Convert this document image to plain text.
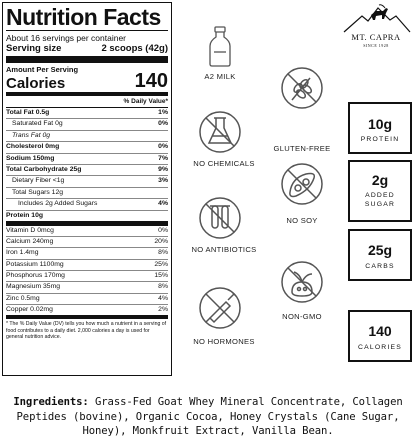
Nutrition Facts
About 16 servings per container
Serving size	2 scoops (42g)
Amount Per Serving
Calories	140
% Daily Value*
Total Fat 0.5g	1%
Saturated Fat 0g	0%
Trans Fat 0g
Cholesterol 0mg	0%
Sodium 150mg	7%
Total Carbohydrate 25g	9%
Dietary Fiber <1g	3%
Total Sugars 12g
Includes 2g Added Sugars	4%
Protein 10g
Vitamin D 0mcg	0%
Calcium 240mg	20%
Iron 1.4mg	8%
Potassium 1100mg	25%
Phosphorus 170mg	15%
Magnesium 35mg	8%
Zinc 0.5mg	4%
Copper 0.02mg	2%
* The % Daily Value (DV) tells you how much a nutrient in a serving of food contributes to a daily diet. 2,000 calories a day is used for general nutrition advice.
MT. CAPRA
SINCE 1928
A2 MILK
GLUTEN-FREE
NO CHEMICALS
NO SOY
NO ANTIBIOTICS
NON-GMO
NO HORMONES
10g
PROTEIN
2g
ADDED SUGAR
25g
CARBS
140
CALORIES
Ingredients: Grass-Fed Goat Whey Mineral Concentrate, Collagen Peptides (bovine), Organic Cocoa, Honey Crystals (Cane Sugar, Honey), Monkfruit Extract, Vanilla Bean.
